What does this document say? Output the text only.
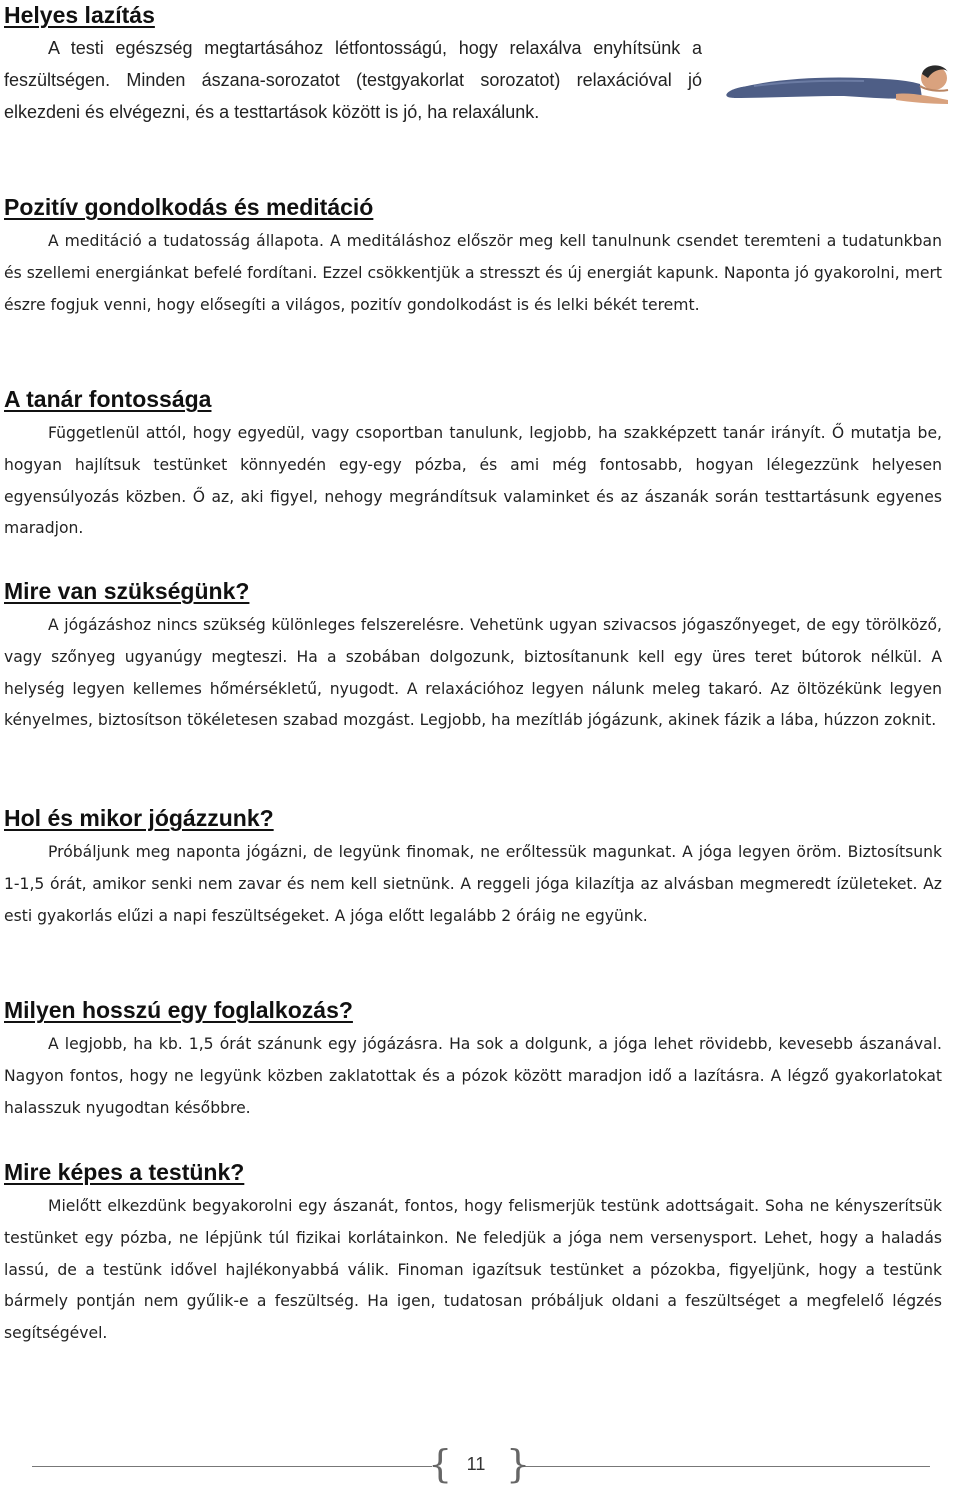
Helyes lazítás

A testi egészség megtartásához létfontosságú, hogy relaxálva enyhítsünk a feszültségen. Minden ászana-sorozatot (testgyakorlat sorozatot) relaxációval jó elkezdeni és elvégezni, és a testtartások között is jó, ha relaxálunk.

Pozitív gondolkodás és meditáció

A meditáció a tudatosság állapota. A meditáláshoz először meg kell tanulnunk csendet teremteni a tudatunkban és szellemi energiánkat befelé fordítani. Ezzel csökkentjük a stresszt és új energiát kapunk. Naponta jó gyakorolni, mert észre fogjuk venni, hogy elősegíti a világos, pozitív gondolkodást is és lelki békét teremt.

A tanár fontossága

Függetlenül attól, hogy egyedül, vagy csoportban tanulunk, legjobb, ha szakképzett tanár irányít. Ő mutatja be, hogyan hajlítsuk testünket könnyedén egy-egy pózba, és ami még fontosabb, hogyan lélegezzünk helyesen egyensúlyozás közben. Ő az, aki figyel, nehogy megrándítsuk valaminket és az ászanák során testtartásunk egyenes maradjon.

Mire van szükségünk?

A jógázáshoz nincs szükség különleges felszerelésre. Vehetünk ugyan szivacsos jógaszőnyeget, de egy törölköző, vagy szőnyeg ugyanúgy megteszi. Ha a szobában dolgozunk, biztosítanunk kell egy üres teret bútorok nélkül. A helység legyen kellemes hőmérsékletű, nyugodt. A relaxációhoz legyen nálunk meleg takaró. Az öltözékünk legyen kényelmes, biztosítson tökéletesen szabad mozgást. Legjobb, ha mezítláb jógázunk, akinek fázik a lába, húzzon zoknit.

Hol és mikor jógázzunk?

Próbáljunk meg naponta jógázni, de legyünk finomak, ne erőltessük magunkat. A jóga legyen öröm. Biztosítsunk 1-1,5 órát, amikor senki nem zavar és nem kell sietnünk. A reggeli jóga kilazítja az alvásban megmeredt ízületeket. Az esti gyakorlás elűzi a napi feszültségeket. A jóga előtt legalább 2 óráig ne együnk.

Milyen hosszú egy foglalkozás?

A legjobb, ha kb. 1,5 órát szánunk egy jógázásra. Ha sok a dolgunk, a jóga lehet rövidebb, kevesebb ászanával. Nagyon fontos, hogy ne legyünk közben zaklatottak és a pózok között maradjon idő a lazításra. A légző gyakorlatokat halasszuk nyugodtan későbbre.

Mire képes a testünk?

Mielőtt elkezdünk begyakorolni egy ászanát, fontos, hogy felismerjük testünk adottságait. Soha ne kényszerítsük testünket egy pózba, ne lépjünk túl fizikai korlátainkon. Ne feledjük a jóga nem versenysport. Lehet, hogy a haladás lassú, de a testünk idővel hajlékonyabbá válik. Finoman igazítsuk testünket a pózokba, figyeljünk, hogy a testünk bármely pontján nem gyűlik-e a feszültség. Ha igen, tudatosan próbáljuk oldani a feszültséget a megfelelő légzés segítségével.

{ 11 }
